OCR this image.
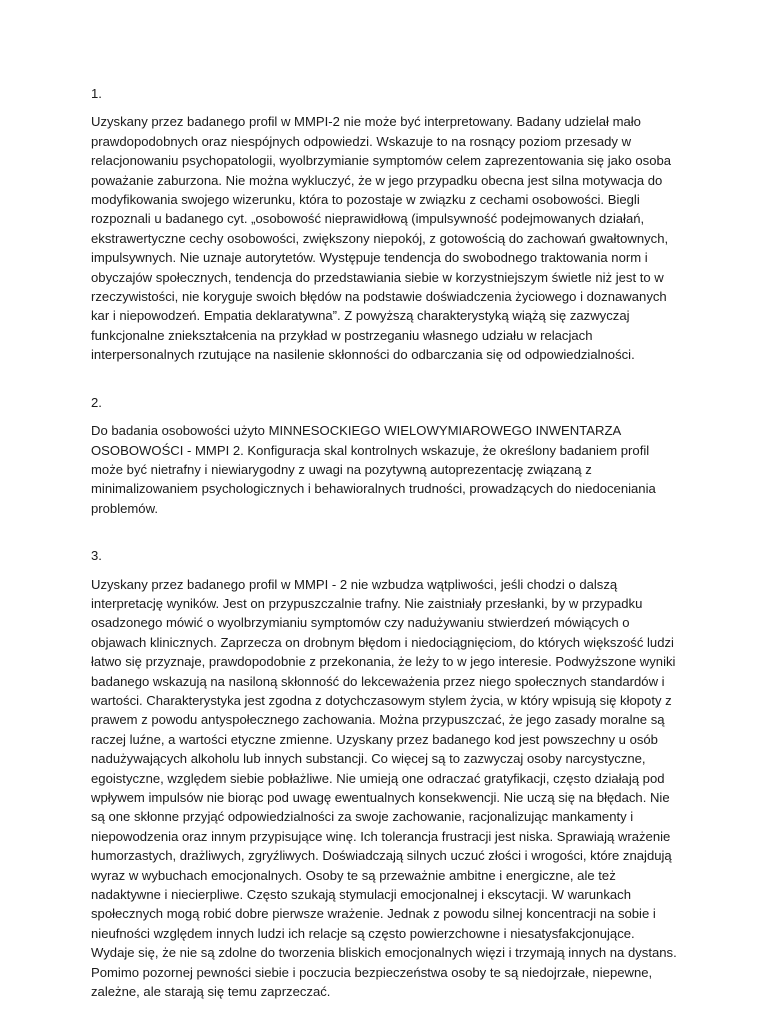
1.

Uzyskany przez badanego profil w MMPI-2 nie może być interpretowany. Badany udzielał mało prawdopodobnych oraz niespójnych odpowiedzi. Wskazuje to na rosnący poziom przesady w relacjonowaniu psychopatologii, wyolbrzymianie symptomów celem zaprezentowania się jako osoba poważanie zaburzona. Nie można wykluczyć, że w jego przypadku obecna jest silna motywacja do modyfikowania swojego wizerunku, która to pozostaje w związku z cechami osobowości. Biegli rozpoznali u badanego cyt. „osobowość nieprawidłową (impulsywność podejmowanych działań, ekstrawertyczne cechy osobowości, zwiększony niepokój, z gotowością do zachowań gwałtownych, impulsywnych. Nie uznaje autorytetów. Występuje tendencja do swobodnego traktowania norm i obyczajów społecznych, tendencja do przedstawiania siebie w korzystniejszym świetle niż jest to w rzeczywistości, nie koryguje swoich błędów na podstawie doświadczenia życiowego i doznawanych kar i niepowodzeń. Empatia deklaratywna”. Z powyższą charakterystyką wiążą się zazwyczaj funkcjonalne zniekształcenia na przykład w postrzeganiu własnego udziału w relacjach interpersonalnych rzutujące na nasilenie skłonności do odbarczania się od odpowiedzialności.

2.

Do badania osobowości użyto MINNESOCKIEGO WIELOWYMIAROWEGO INWENTARZA OSOBOWOŚCI - MMPI 2. Konfiguracja skal kontrolnych wskazuje, że określony badaniem profil może być nietrafny i niewiarygodny z uwagi na pozytywną autoprezentację związaną z minimalizowaniem psychologicznych i behawioralnych trudności, prowadzących do niedoceniania problemów.

3.

Uzyskany przez badanego profil w MMPI - 2 nie wzbudza wątpliwości, jeśli chodzi o dalszą interpretację wyników. Jest on przypuszczalnie trafny. Nie zaistniały przesłanki, by w przypadku osadzonego mówić o wyolbrzymianiu symptomów czy nadużywaniu stwierdzeń mówiących o objawach klinicznych. Zaprzecza on drobnym błędom i niedociągnięciom, do których większość ludzi łatwo się przyznaje, prawdopodobnie z przekonania, że leży to w jego interesie. Podwyższone wyniki badanego wskazują na nasiloną skłonność do lekceważenia przez niego społecznych standardów i wartości. Charakterystyka jest zgodna z dotychczasowym stylem życia, w który wpisują się kłopoty z prawem z powodu antyspołecznego zachowania. Można przypuszczać, że jego zasady moralne są raczej luźne, a wartości etyczne zmienne. Uzyskany przez badanego kod jest powszechny u osób nadużywających alkoholu lub innych substancji. Co więcej są to zazwyczaj osoby narcystyczne, egoistyczne, względem siebie pobłażliwe. Nie umieją one odraczać gratyfikacji, często działają pod wpływem impulsów nie biorąc pod uwagę ewentualnych konsekwencji. Nie uczą się na błędach. Nie są one skłonne przyjąć odpowiedzialności za swoje zachowanie, racjonalizując mankamenty i niepowodzenia oraz innym przypisujące winę. Ich tolerancja frustracji jest niska. Sprawiają wrażenie humorzastych, drażliwych, zgryźliwych. Doświadczają silnych uczuć złości i wrogości, które znajdują wyraz w wybuchach emocjonalnych. Osoby te są przeważnie ambitne i energiczne, ale też nadaktywne i niecierpliwe. Często szukają stymulacji emocjonalnej i ekscytacji. W warunkach społecznych mogą robić dobre pierwsze wrażenie. Jednak z powodu silnej koncentracji na sobie i nieufności względem innych ludzi ich relacje są często powierzchowne i niesatysfakcjonujące. Wydaje się, że nie są zdolne do tworzenia bliskich emocjonalnych więzi i trzymają innych na dystans. Pomimo pozornej pewności siebie i poczucia bezpieczeństwa osoby te są niedojrzałe, niepewne, zależne, ale starają się temu zaprzeczać.
